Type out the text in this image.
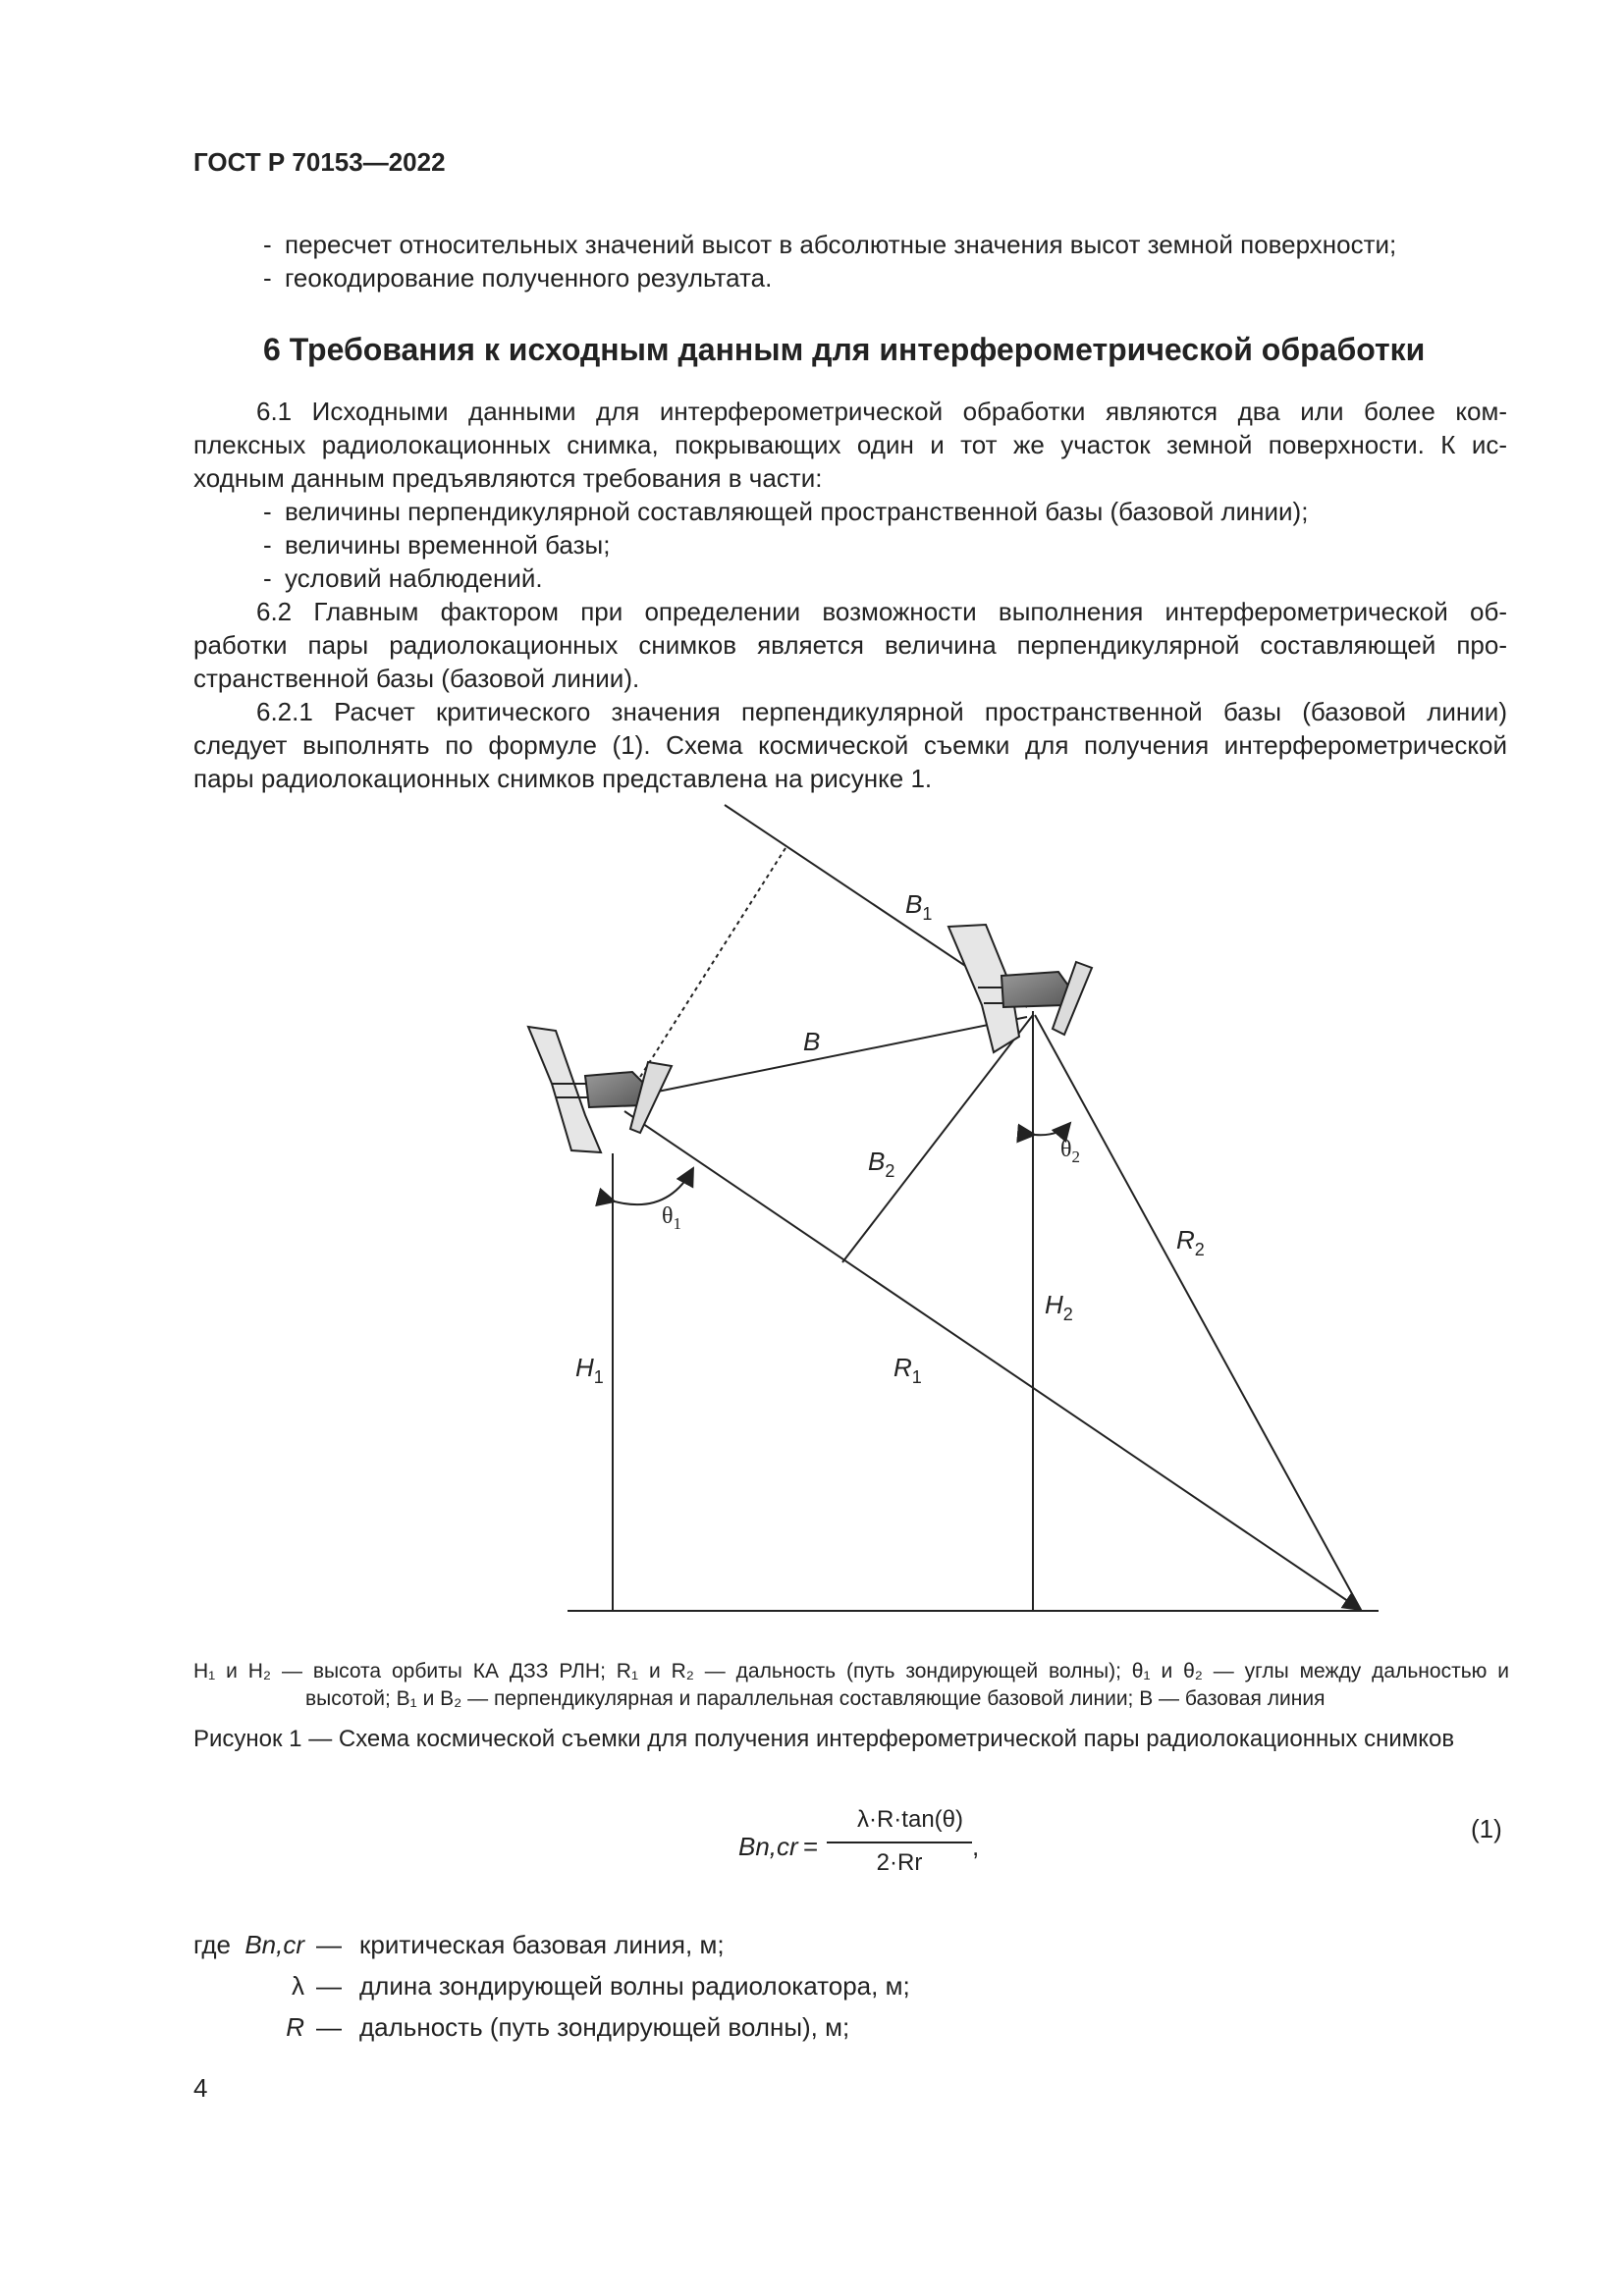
ГОСТ Р 70153—2022
- пересчет относительных значений высот в абсолютные значения высот земной поверхности;
- геокодирование полученного результата.
6 Требования к исходным данным для интерферометрической обработки
6.1 Исходными данными для интерферометрической обработки являются два или более ком-
плексных радиолокационных снимка, покрывающих один и тот же участок земной поверхности. К ис-
ходным данным предъявляются требования в части:
- величины перпендикулярной составляющей пространственной базы (базовой линии);
- величины временной базы;
- условий наблюдений.
6.2 Главным фактором при определении возможности выполнения интерферометрической об-
работки пары радиолокационных снимков является величина перпендикулярной составляющей про-
странственной базы (базовой линии).
6.2.1 Расчет критического значения перпендикулярной пространственной базы (базовой линии)
следует выполнять по формуле (1). Схема космической съемки для получения интерферометрической
пары радиолокационных снимков представлена на рисунке 1.
$B_1$
B
$B_2$
$R_2$
$H_2$
$H_1$	$R_1$
$\theta_1$
$\theta_2$
H₁ и H₂ — высота орбиты КА ДЗЗ РЛН; R₁ и R₂ — дальность (путь зондирующей волны); θ₁ и θ₂ — углы между дальностью и
высотой; B₁ и B₂ — перпендикулярная и параллельная составляющие базовой линии; B — базовая линия
Рисунок 1 — Схема космической съемки для получения интерферометрической пары радиолокационных снимков
Bn,cr =
λ·R·tan(θ)
2·Rr
,
(1)
где Bn,cr — критическая базовая линия, м;
λ — длина зондирующей волны радиолокатора, м;
R — дальность (путь зондирующей волны), м;
4
